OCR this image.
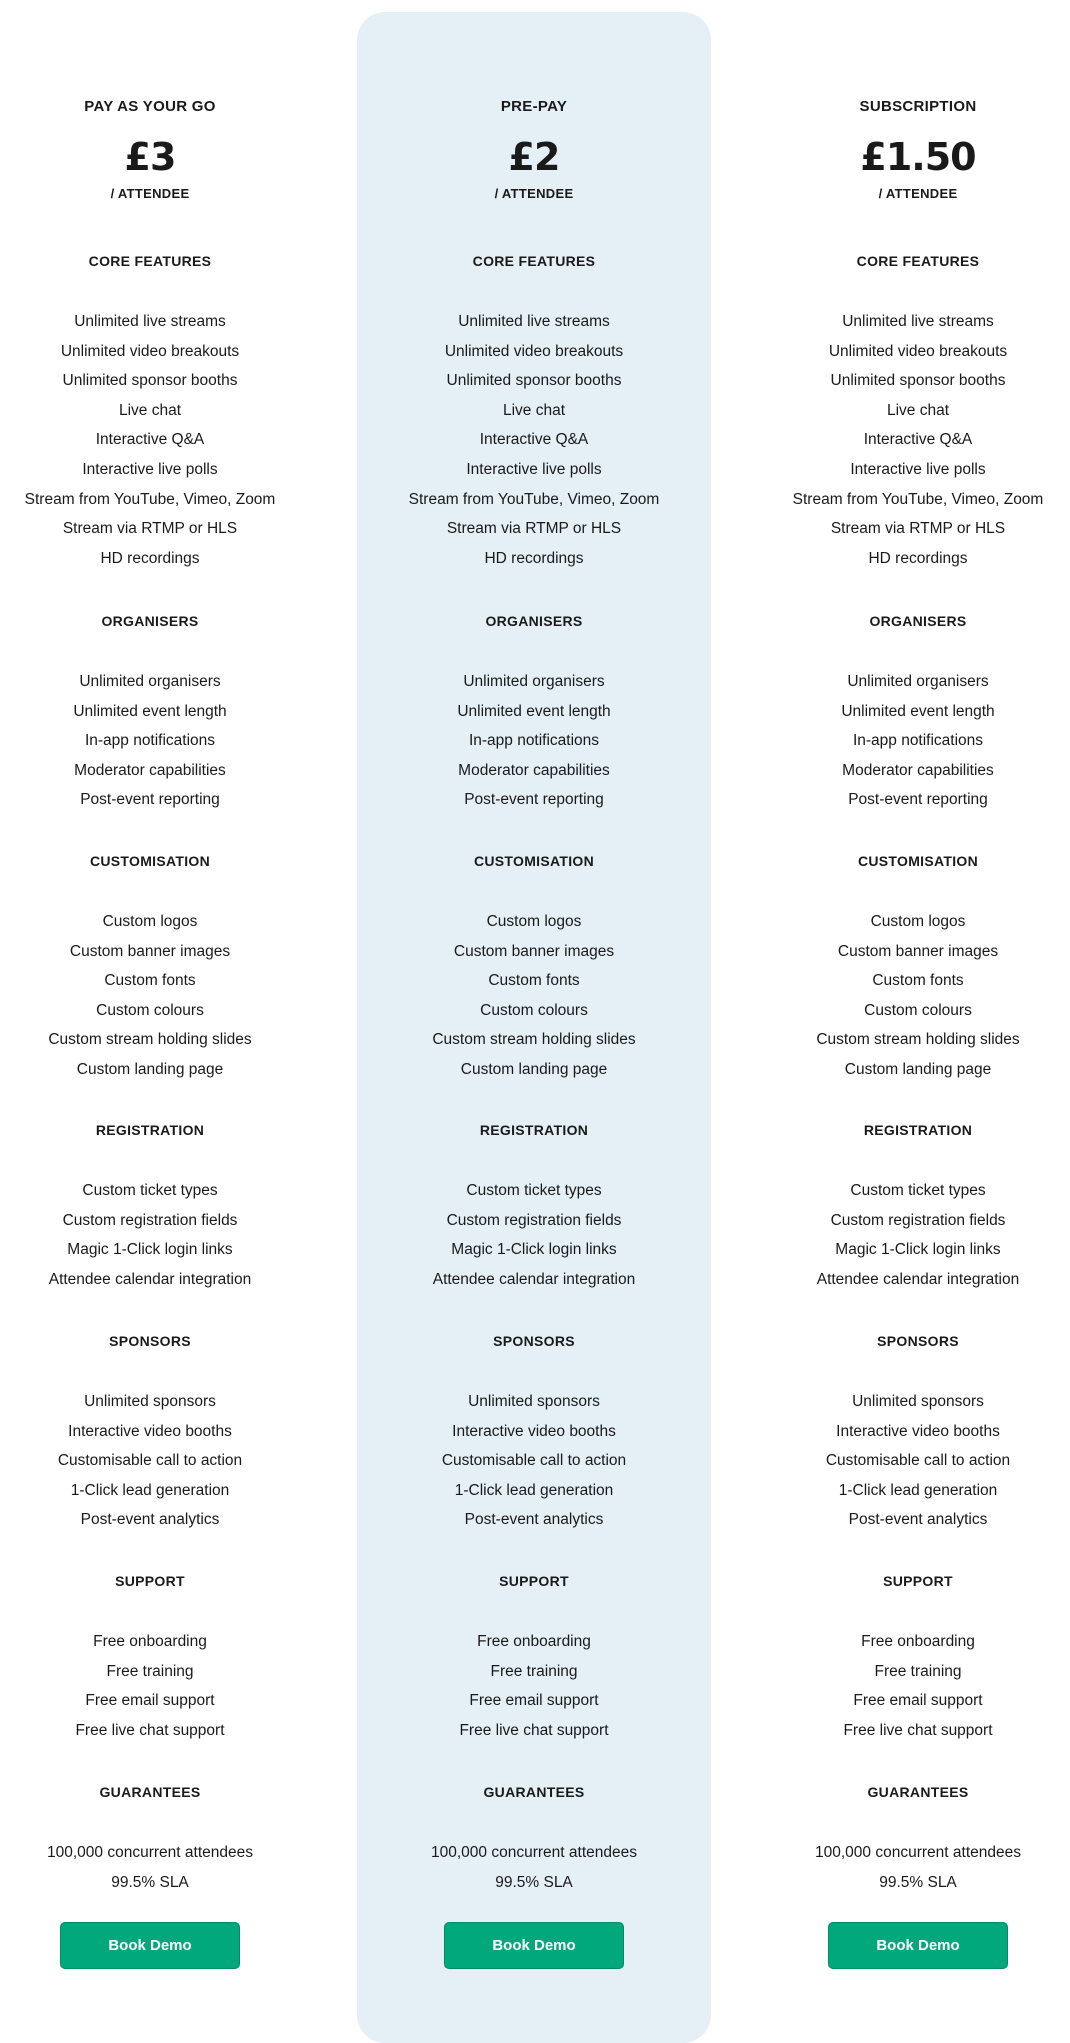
PAY AS YOUR GO
£3
/ ATTENDEE
CORE FEATURES
Unlimited live streams
Unlimited video breakouts
Unlimited sponsor booths
Live chat
Interactive Q&A
Interactive live polls
Stream from YouTube, Vimeo, Zoom
Stream via RTMP or HLS
HD recordings
ORGANISERS
Unlimited organisers
Unlimited event length
In-app notifications
Moderator capabilities
Post-event reporting
CUSTOMISATION
Custom logos
Custom banner images
Custom fonts
Custom colours
Custom stream holding slides
Custom landing page
REGISTRATION
Custom ticket types
Custom registration fields
Magic 1-Click login links
Attendee calendar integration
SPONSORS
Unlimited sponsors
Interactive video booths
Customisable call to action
1-Click lead generation
Post-event analytics
SUPPORT
Free onboarding
Free training
Free email support
Free live chat support
GUARANTEES
100,000 concurrent attendees
99.5% SLA
Book Demo
PRE-PAY
£2
/ ATTENDEE
CORE FEATURES
Unlimited live streams
Unlimited video breakouts
Unlimited sponsor booths
Live chat
Interactive Q&A
Interactive live polls
Stream from YouTube, Vimeo, Zoom
Stream via RTMP or HLS
HD recordings
ORGANISERS
Unlimited organisers
Unlimited event length
In-app notifications
Moderator capabilities
Post-event reporting
CUSTOMISATION
Custom logos
Custom banner images
Custom fonts
Custom colours
Custom stream holding slides
Custom landing page
REGISTRATION
Custom ticket types
Custom registration fields
Magic 1-Click login links
Attendee calendar integration
SPONSORS
Unlimited sponsors
Interactive video booths
Customisable call to action
1-Click lead generation
Post-event analytics
SUPPORT
Free onboarding
Free training
Free email support
Free live chat support
GUARANTEES
100,000 concurrent attendees
99.5% SLA
Book Demo
SUBSCRIPTION
£1.50
/ ATTENDEE
CORE FEATURES
Unlimited live streams
Unlimited video breakouts
Unlimited sponsor booths
Live chat
Interactive Q&A
Interactive live polls
Stream from YouTube, Vimeo, Zoom
Stream via RTMP or HLS
HD recordings
ORGANISERS
Unlimited organisers
Unlimited event length
In-app notifications
Moderator capabilities
Post-event reporting
CUSTOMISATION
Custom logos
Custom banner images
Custom fonts
Custom colours
Custom stream holding slides
Custom landing page
REGISTRATION
Custom ticket types
Custom registration fields
Magic 1-Click login links
Attendee calendar integration
SPONSORS
Unlimited sponsors
Interactive video booths
Customisable call to action
1-Click lead generation
Post-event analytics
SUPPORT
Free onboarding
Free training
Free email support
Free live chat support
GUARANTEES
100,000 concurrent attendees
99.5% SLA
Book Demo
